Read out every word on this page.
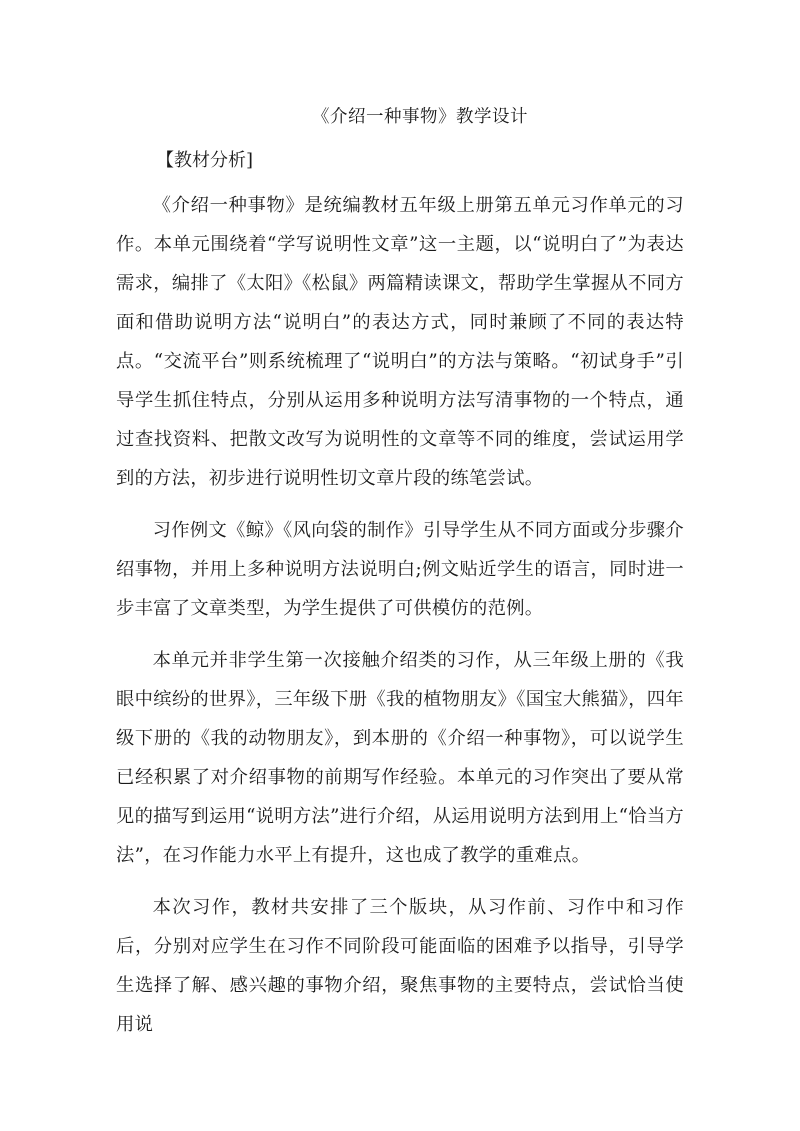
《介绍一种事物》教学设计
【教材分析]

《介绍一种事物》是统编教材五年级上册第五单元习作单元的习作。本单元围绕着“学写说明性文章”这一主题，以“说明白了”为表达需求，编排了《太阳》《松鼠》两篇精读课文，帮助学生掌握从不同方面和借助说明方法“说明白”的表达方式，同时兼顾了不同的表达特点。“交流平台”则系统梳理了“说明白”的方法与策略。“初试身手”引导学生抓住特点，分别从运用多种说明方法写清事物的一个特点，通过查找资料、把散文改写为说明性的文章等不同的维度，尝试运用学到的方法，初步进行说明性切文章片段的练笔尝试。

习作例文《鲸》《风向袋的制作》引导学生从不同方面或分步骤介绍事物，并用上多种说明方法说明白;例文贴近学生的语言，同时进一步丰富了文章类型，为学生提供了可供模仿的范例。

本单元并非学生第一次接触介绍类的习作，从三年级上册的《我眼中缤纷的世界》，三年级下册《我的植物朋友》《国宝大熊猫》，四年级下册的《我的动物朋友》，到本册的《介绍一种事物》，可以说学生已经积累了对介绍事物的前期写作经验。本单元的习作突出了要从常见的描写到运用“说明方法”进行介绍，从运用说明方法到用上“恰当方法”，在习作能力水平上有提升，这也成了教学的重难点。

本次习作，教材共安排了三个版块，从习作前、习作中和习作后，分别对应学生在习作不同阶段可能面临的困难予以指导，引导学生选择了解、感兴趣的事物介绍，聚焦事物的主要特点，尝试恰当使用说
